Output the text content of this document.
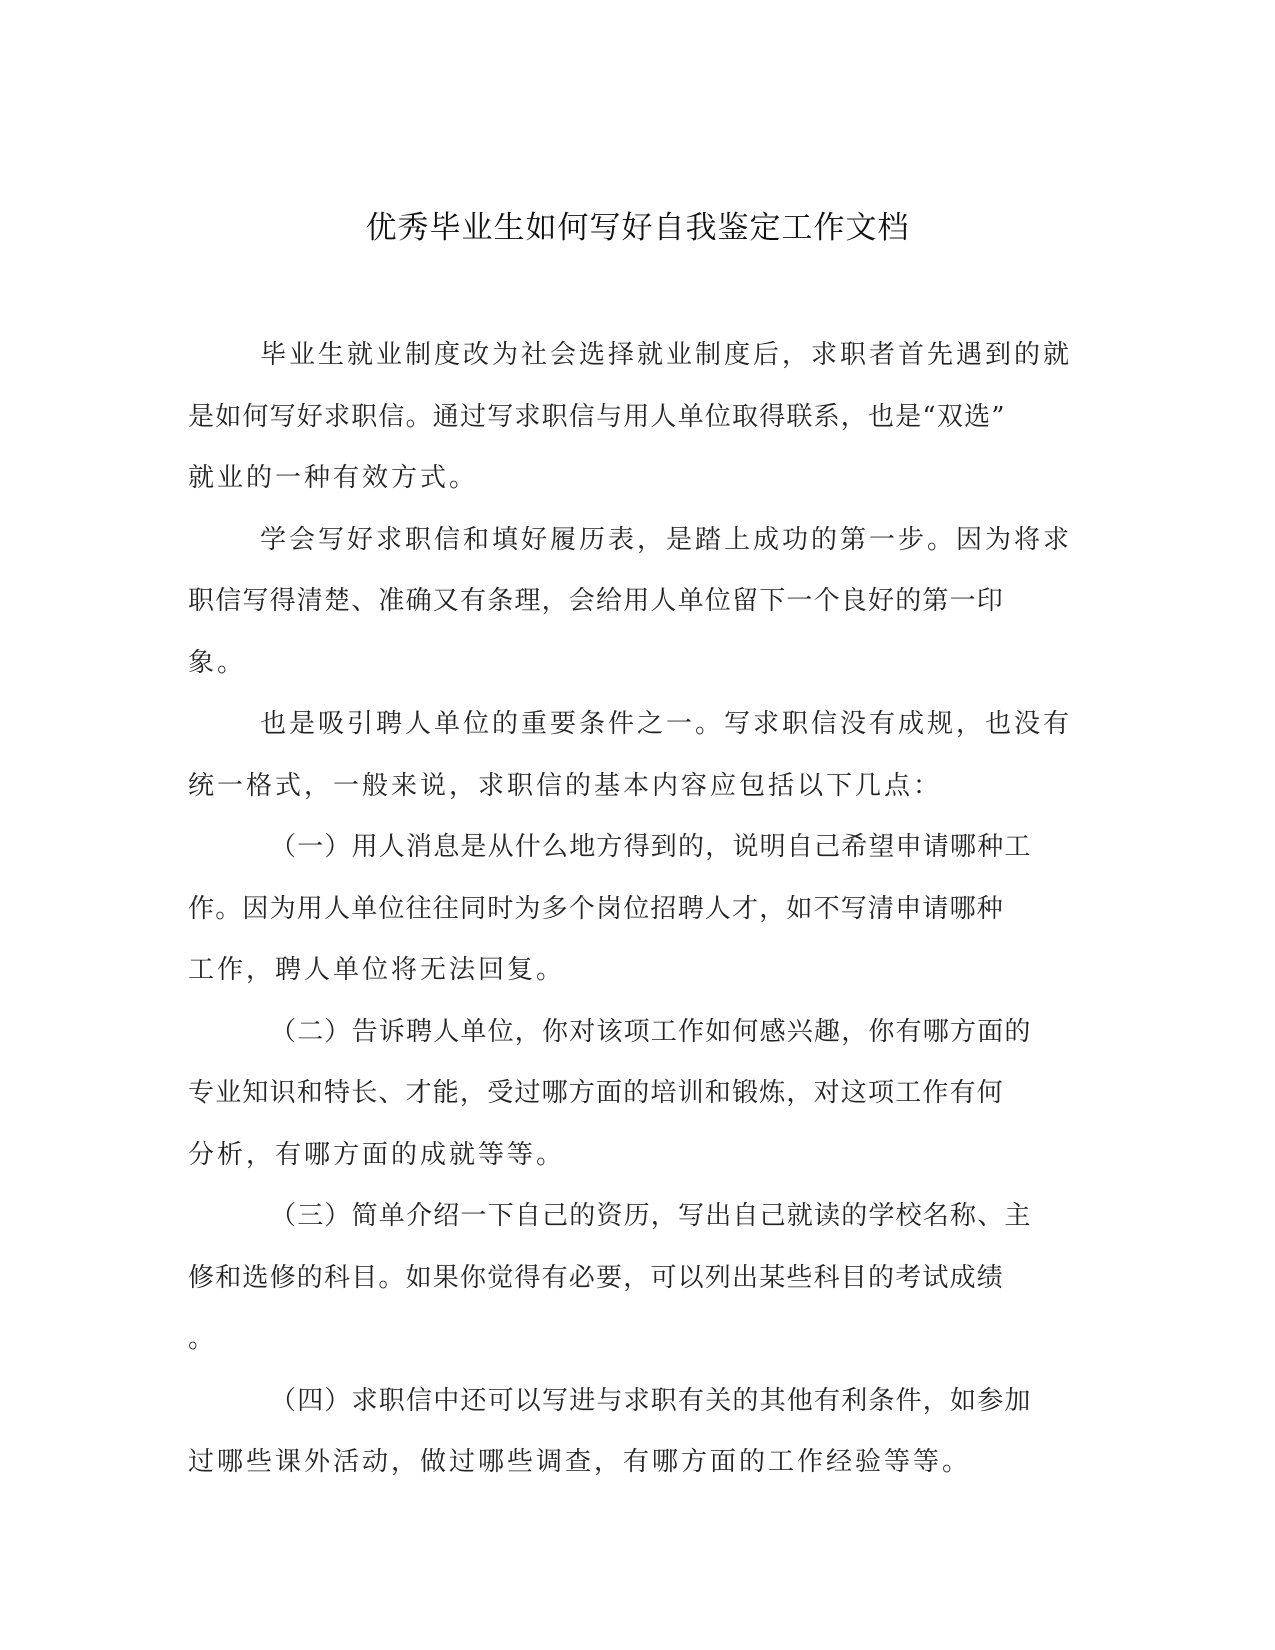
优秀毕业生如何写好自我鉴定工作文档

毕业生就业制度改为社会选择就业制度后，求职者首先遇到的就
是如何写好求职信。通过写求职信与用人单位取得联系，也是“双选”
就业的一种有效方式。

学会写好求职信和填好履历表，是踏上成功的第一步。因为将求
职信写得清楚、准确又有条理，会给用人单位留下一个良好的第一印
象。

也是吸引聘人单位的重要条件之一。写求职信没有成规，也没有
统一格式，一般来说，求职信的基本内容应包括以下几点：

（一）用人消息是从什么地方得到的，说明自己希望申请哪种工
作。因为用人单位往往同时为多个岗位招聘人才，如不写清申请哪种
工作，聘人单位将无法回复。

（二）告诉聘人单位，你对该项工作如何感兴趣，你有哪方面的
专业知识和特长、才能，受过哪方面的培训和锻炼，对这项工作有何
分析，有哪方面的成就等等。

（三）简单介绍一下自己的资历，写出自己就读的学校名称、主
修和选修的科目。如果你觉得有必要，可以列出某些科目的考试成绩
。

（四）求职信中还可以写进与求职有关的其他有利条件，如参加
过哪些课外活动，做过哪些调查，有哪方面的工作经验等等。
